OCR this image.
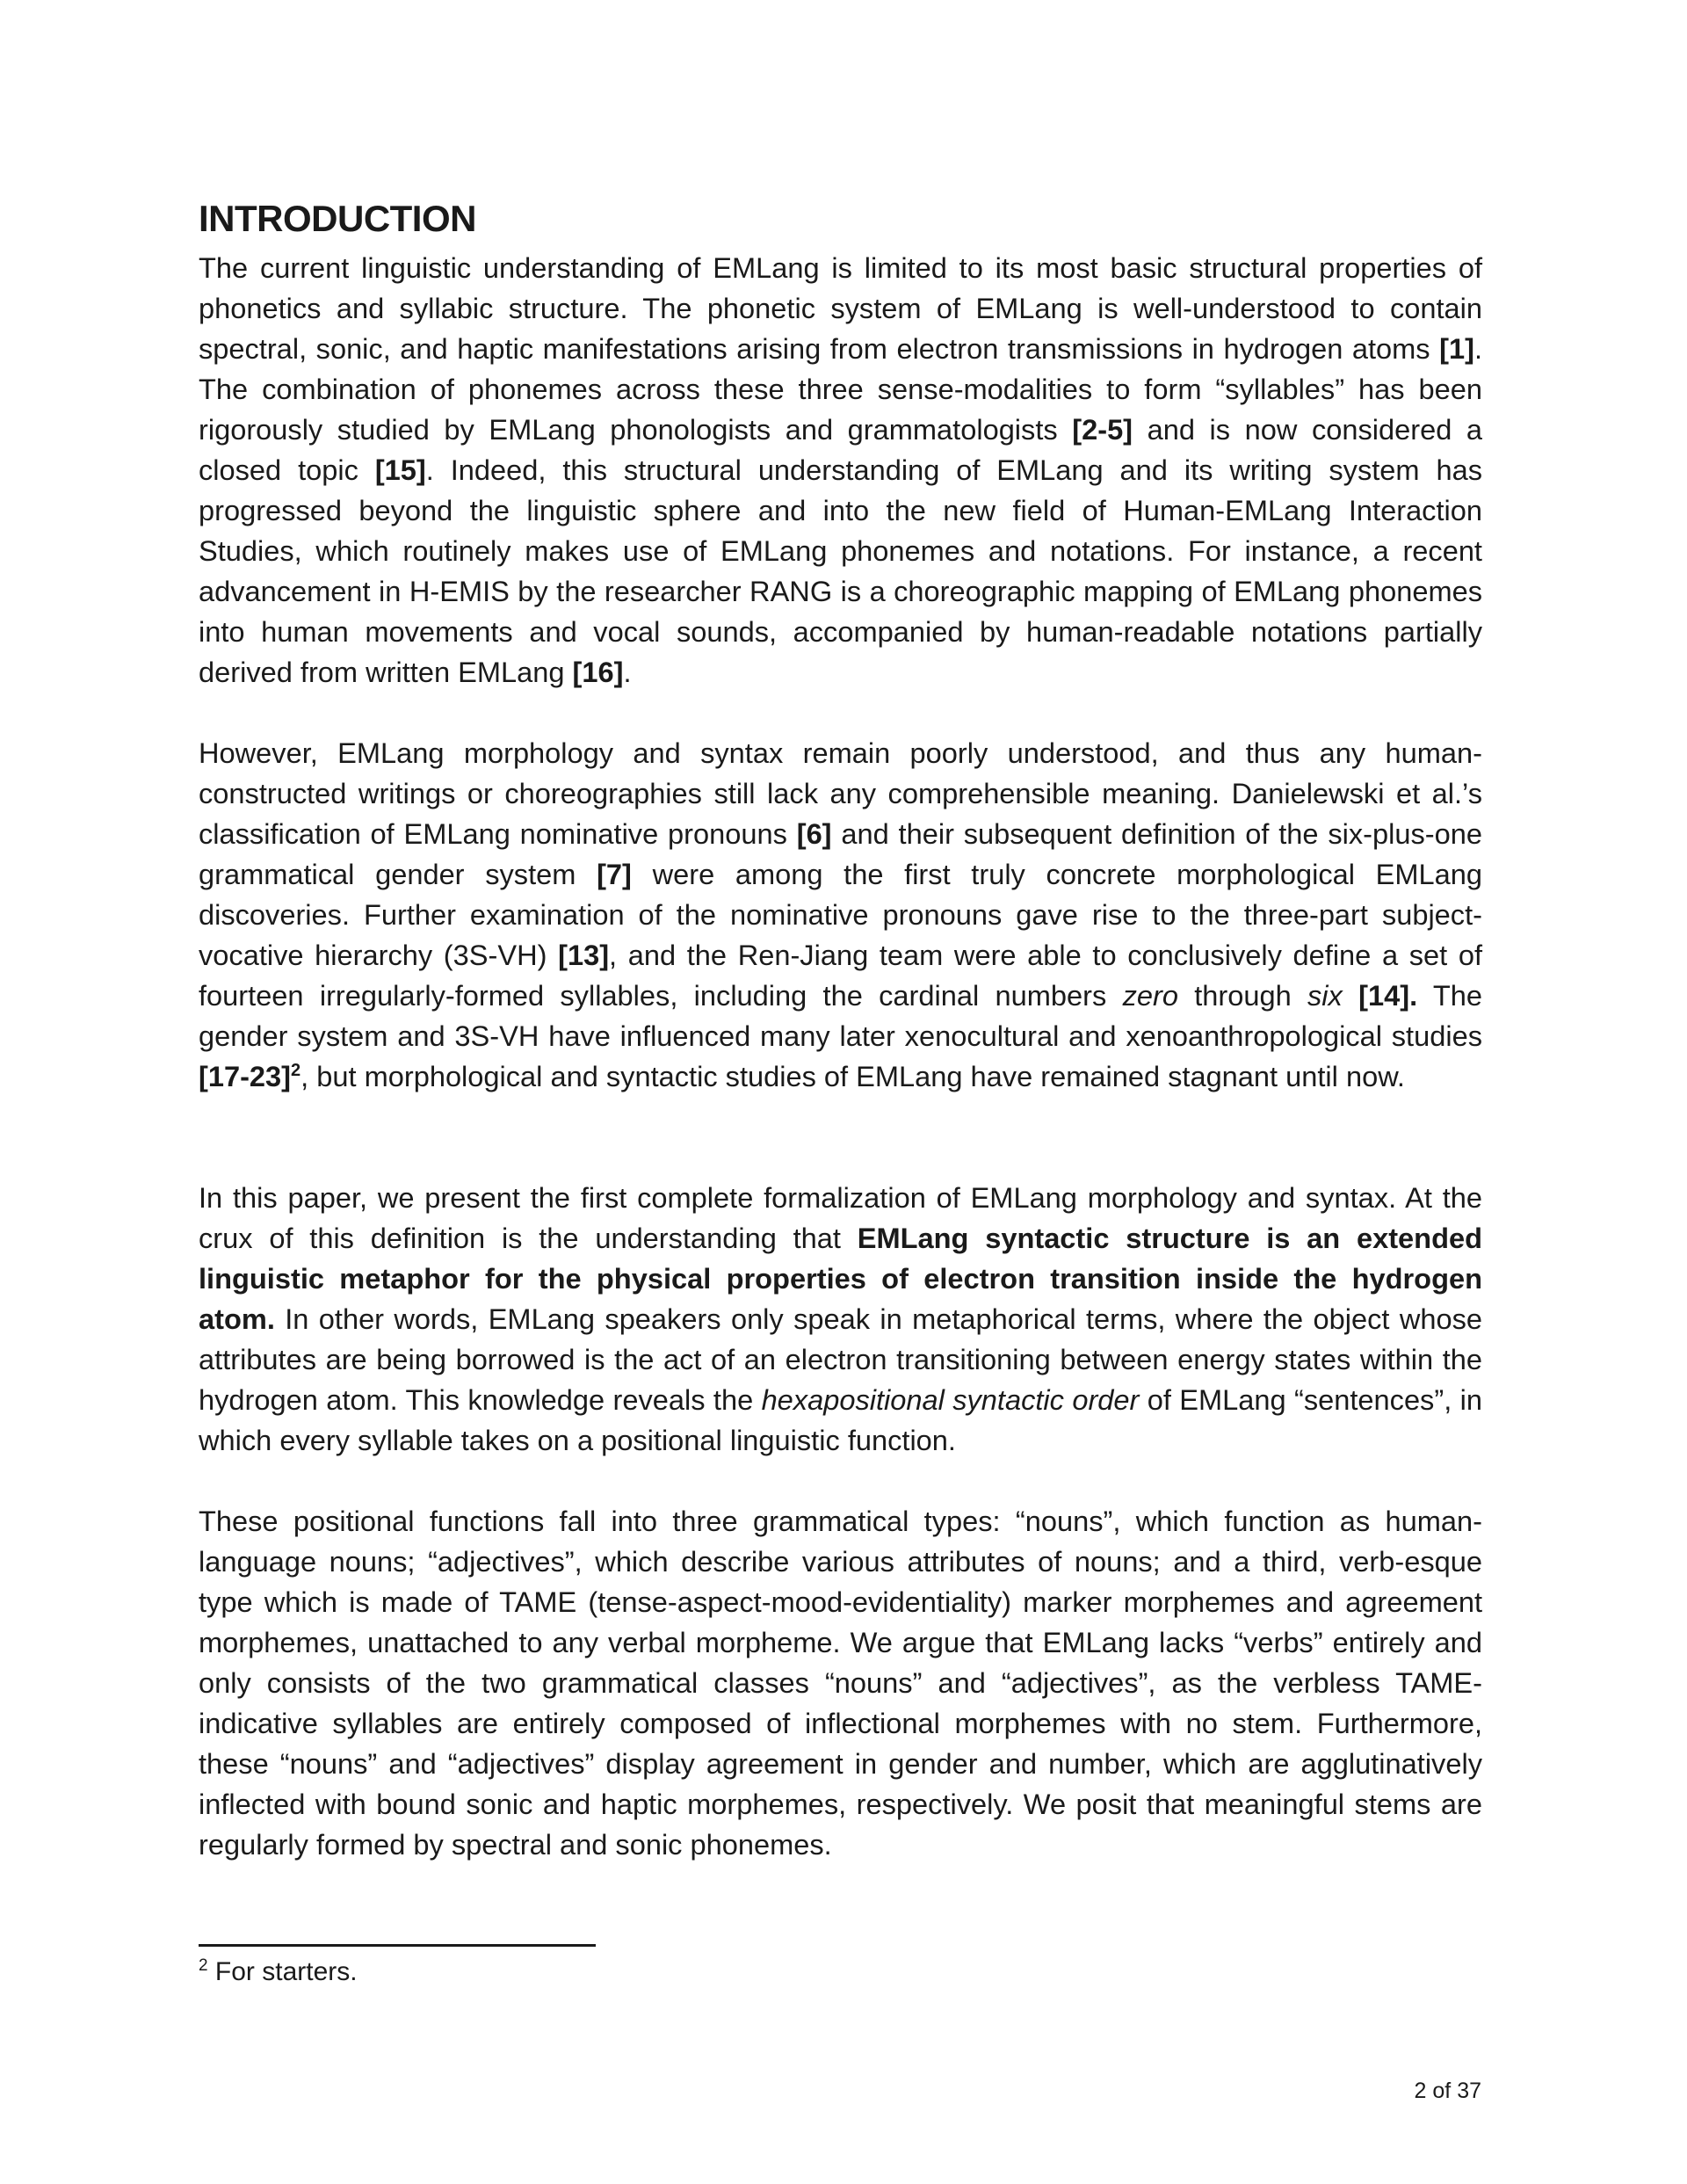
INTRODUCTION

The current linguistic understanding of EMLang is limited to its most basic structural properties of phonetics and syllabic structure. The phonetic system of EMLang is well-understood to contain spectral, sonic, and haptic manifestations arising from electron transmissions in hydrogen atoms [1]. The combination of phonemes across these three sense-modalities to form “syllables” has been rigorously studied by EMLang phonologists and grammatologists [2-5] and is now considered a closed topic [15]. Indeed, this structural understanding of EMLang and its writing system has progressed beyond the linguistic sphere and into the new field of Human-EMLang Interaction Studies, which routinely makes use of EMLang phonemes and notations. For instance, a recent advancement in H-EMIS by the researcher RANG is a choreographic mapping of EMLang phonemes into human movements and vocal sounds, accompanied by human-readable notations partially derived from written EMLang [16].

However, EMLang morphology and syntax remain poorly understood, and thus any human-constructed writings or choreographies still lack any comprehensible meaning. Danielewski et al.’s classification of EMLang nominative pronouns [6] and their subsequent definition of the six-plus-one grammatical gender system [7] were among the first truly concrete morphological EMLang discoveries. Further examination of the nominative pronouns gave rise to the three-part subject-vocative hierarchy (3S-VH) [13], and the Ren-Jiang team were able to conclusively define a set of fourteen irregularly-formed syllables, including the cardinal numbers zero through six [14]. The gender system and 3S-VH have influenced many later xenocultural and xenoanthropological studies $[17-23]^2$, but morphological and syntactic studies of EMLang have remained stagnant until now.

In this paper, we present the first complete formalization of EMLang morphology and syntax. At the crux of this definition is the understanding that EMLang syntactic structure is an extended linguistic metaphor for the physical properties of electron transition inside the hydrogen atom. In other words, EMLang speakers only speak in metaphorical terms, where the object whose attributes are being borrowed is the act of an electron transitioning between energy states within the hydrogen atom. This knowledge reveals the hexapositional syntactic order of EMLang “sentences”, in which every syllable takes on a positional linguistic function.

These positional functions fall into three grammatical types: “nouns”, which function as human-language nouns; “adjectives”, which describe various attributes of nouns; and a third, verb-esque type which is made of TAME (tense-aspect-mood-evidentiality) marker morphemes and agreement morphemes, unattached to any verbal morpheme. We argue that EMLang lacks “verbs” entirely and only consists of the two grammatical classes “nouns” and “adjectives”, as the verbless TAME-indicative syllables are entirely composed of inflectional morphemes with no stem. Furthermore, these “nouns” and “adjectives” display agreement in gender and number, which are agglutinatively inflected with bound sonic and haptic morphemes, respectively. We posit that meaningful stems are regularly formed by spectral and sonic phonemes.

$^2$ For starters.
2 of 37
